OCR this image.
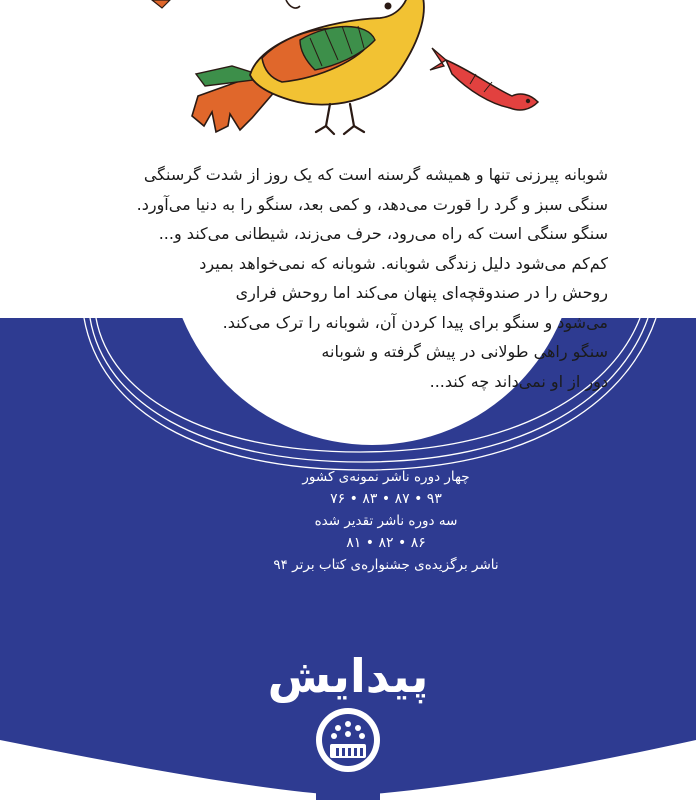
شوبانه پیرزنی تنها و همیشه گرسنه است که یک روز از شدت گرسنگی
سنگی سبز و گرد را قورت می‌دهد، و کمی بعد، سنگو را به دنیا می‌آورد.
سنگو سنگی است که راه می‌رود، حرف می‌زند، شیطانی می‌کند و...
کم‌کم می‌شود دلیل زندگی شوبانه. شوبانه که نمی‌خواهد بمیرد
روحش را در صندوقچه‌ای پنهان می‌کند اما روحش فراری
می‌شود و سنگو برای پیدا کردن آن، شوبانه را ترک می‌کند.
سنگو راهی طولانی در پیش گرفته و شوبانه
دور از او نمی‌داند چه کند...
چهار دوره ناشر نمونه‌ی کشور
۹۳ • ۸۷ • ۸۳ • ۷۶
سه دوره ناشر تقدیر شده
۸۶ • ۸۲ • ۸۱
ناشر برگزیده‌ی جشنواره‌ی کتاب برتر ۹۴
پیدایش
